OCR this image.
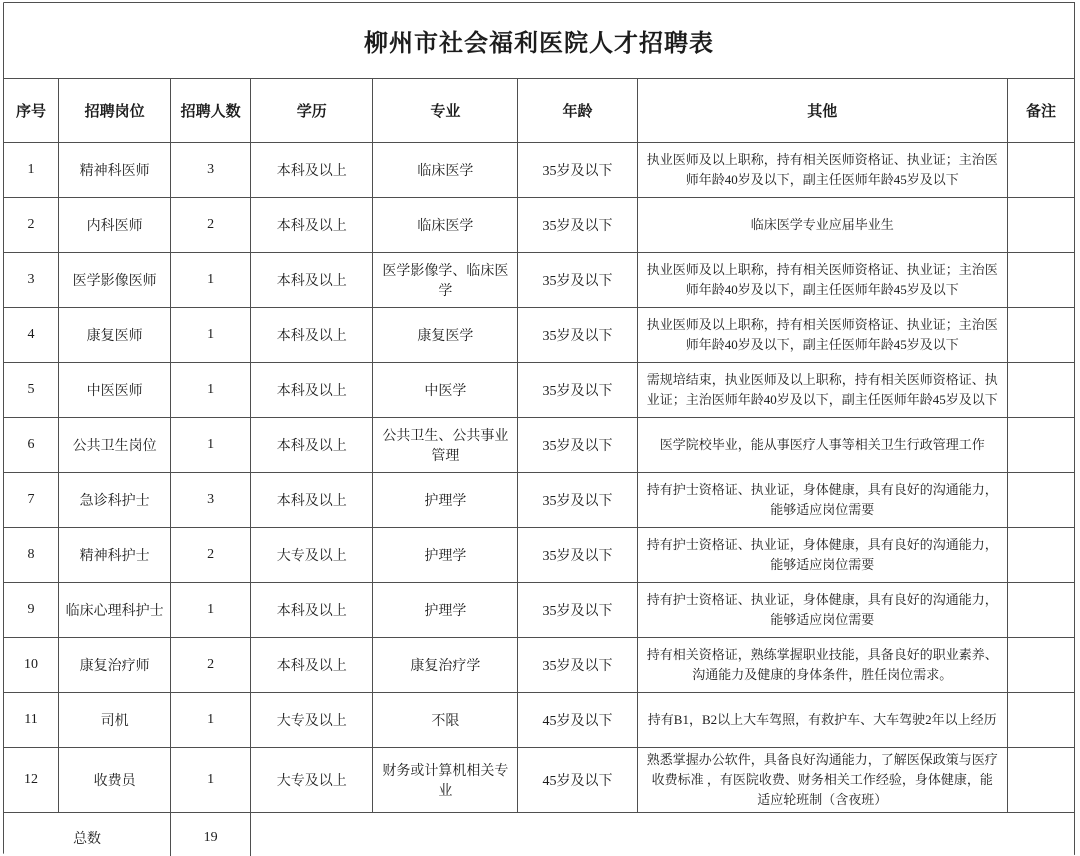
柳州市社会福利医院人才招聘表							
序号	招聘岗位	招聘人数	学历	专业	年龄	其他	备注
1	精神科医师	3	本科及以上	临床医学	35岁及以下	执业医师及以上职称，持有相关医师资格证、执业证；主治医师年龄40岁及以下，副主任医师年龄45岁及以下	
2	内科医师	2	本科及以上	临床医学	35岁及以下	临床医学专业应届毕业生	
3	医学影像医师	1	本科及以上	医学影像学、临床医学	35岁及以下	执业医师及以上职称，持有相关医师资格证、执业证；主治医师年龄40岁及以下，副主任医师年龄45岁及以下	
4	康复医师	1	本科及以上	康复医学	35岁及以下	执业医师及以上职称，持有相关医师资格证、执业证；主治医师年龄40岁及以下，副主任医师年龄45岁及以下	
5	中医医师	1	本科及以上	中医学	35岁及以下	需规培结束，执业医师及以上职称，持有相关医师资格证、执业证；主治医师年龄40岁及以下，副主任医师年龄45岁及以下	
6	公共卫生岗位	1	本科及以上	公共卫生、公共事业管理	35岁及以下	医学院校毕业，能从事医疗人事等相关卫生行政管理工作	
7	急诊科护士	3	本科及以上	护理学	35岁及以下	持有护士资格证、执业证，身体健康，具有良好的沟通能力，能够适应岗位需要	
8	精神科护士	2	大专及以上	护理学	35岁及以下	持有护士资格证、执业证，身体健康，具有良好的沟通能力，能够适应岗位需要	
9	临床心理科护士	1	本科及以上	护理学	35岁及以下	持有护士资格证、执业证，身体健康，具有良好的沟通能力，能够适应岗位需要	
10	康复治疗师	2	本科及以上	康复治疗学	35岁及以下	持有相关资格证，熟练掌握职业技能，具备良好的职业素养、沟通能力及健康的身体条件，胜任岗位需求。	
11	司机	1	大专及以上	不限	45岁及以下	持有B1，B2以上大车驾照，有救护车、大车驾驶2年以上经历	
12	收费员	1	大专及以上	财务或计算机相关专业	45岁及以下	熟悉掌握办公软件，具备良好沟通能力，了解医保政策与医疗收费标准 ，有医院收费、财务相关工作经验，身体健康，能适应轮班制（含夜班）	
总数		19					
